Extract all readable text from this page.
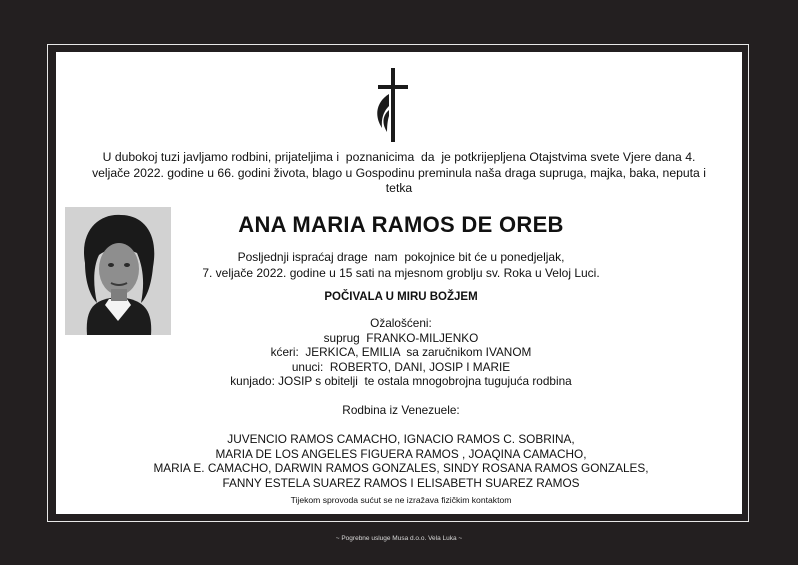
U dubokoj tuzi javljamo rodbini, prijateljima i  poznanicima  da  je potkrijepljena Otajstvima svete Vjere dana 4.
veljače 2022. godine u 66. godini života, blago u Gospodinu preminula naša draga supruga, majka, baka, neputa i
tetka
ANA MARIA RAMOS DE OREB
Posljednji ispraćaj drage  nam  pokojnice bit će u ponedjeljak,
7. veljače 2022. godine u 15 sati na mjesnom groblju sv. Roka u Veloj Luci.
POČIVALA U MIRU BOŽJEM
Ožalošćeni:
suprug  FRANKO-MILJENKO
kćeri:  JERKICA, EMILIA  sa zaručnikom IVANOM
unuci:  ROBERTO, DANI, JOSIP I MARIE
kunjado: JOSIP s obitelji  te ostala mnogobrojna tugujuća rodbina
Rodbina iz Venezuele:
JUVENCIO RAMOS CAMACHO, IGNACIO RAMOS C. SOBRINA,
MARIA DE LOS ANGELES FIGUERA RAMOS , JOAQINA CAMACHO,
MARIA E. CAMACHO, DARWIN RAMOS GONZALES, SINDY ROSANA RAMOS GONZALES,
FANNY ESTELA SUAREZ RAMOS I ELISABETH SUAREZ RAMOS
Tijekom sprovoda sućut se ne izražava fizičkim kontaktom
~ Pogrebne usluge Musa d.o.o. Vela Luka ~
